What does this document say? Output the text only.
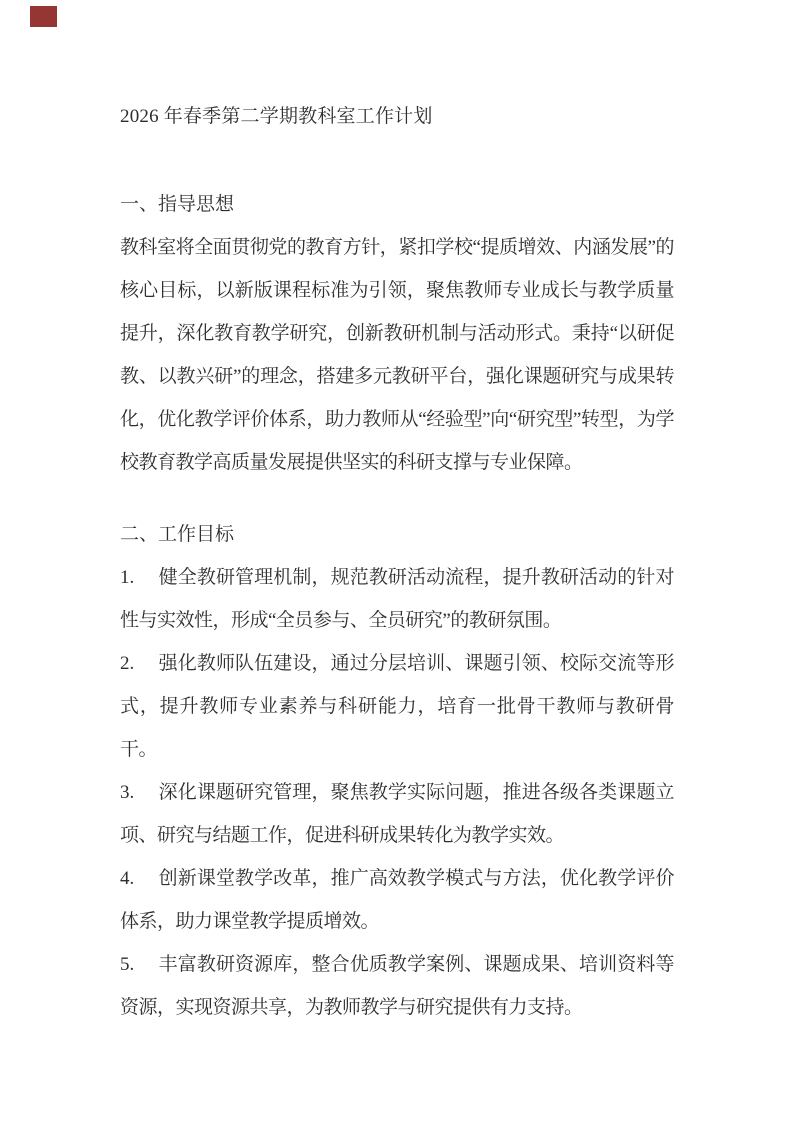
2026 年春季第二学期教科室工作计划

一、指导思想

教科室将全面贯彻党的教育方针，紧扣学校“提质增效、内涵发展”的核心目标，以新版课程标准为引领，聚焦教师专业成长与教学质量提升，深化教育教学研究，创新教研机制与活动形式。秉持“以研促教、以教兴研”的理念，搭建多元教研平台，强化课题研究与成果转化，优化教学评价体系，助力教师从“经验型”向“研究型”转型，为学校教育教学高质量发展提供坚实的科研支撑与专业保障。

二、工作目标

1. 健全教研管理机制，规范教研活动流程，提升教研活动的针对性与实效性，形成“全员参与、全员研究”的教研氛围。

2. 强化教师队伍建设，通过分层培训、课题引领、校际交流等形式，提升教师专业素养与科研能力，培育一批骨干教师与教研骨干。

3. 深化课题研究管理，聚焦教学实际问题，推进各级各类课题立项、研究与结题工作，促进科研成果转化为教学实效。

4. 创新课堂教学改革，推广高效教学模式与方法，优化教学评价体系，助力课堂教学提质增效。

5. 丰富教研资源库，整合优质教学案例、课题成果、培训资料等资源，实现资源共享，为教师教学与研究提供有力支持。
